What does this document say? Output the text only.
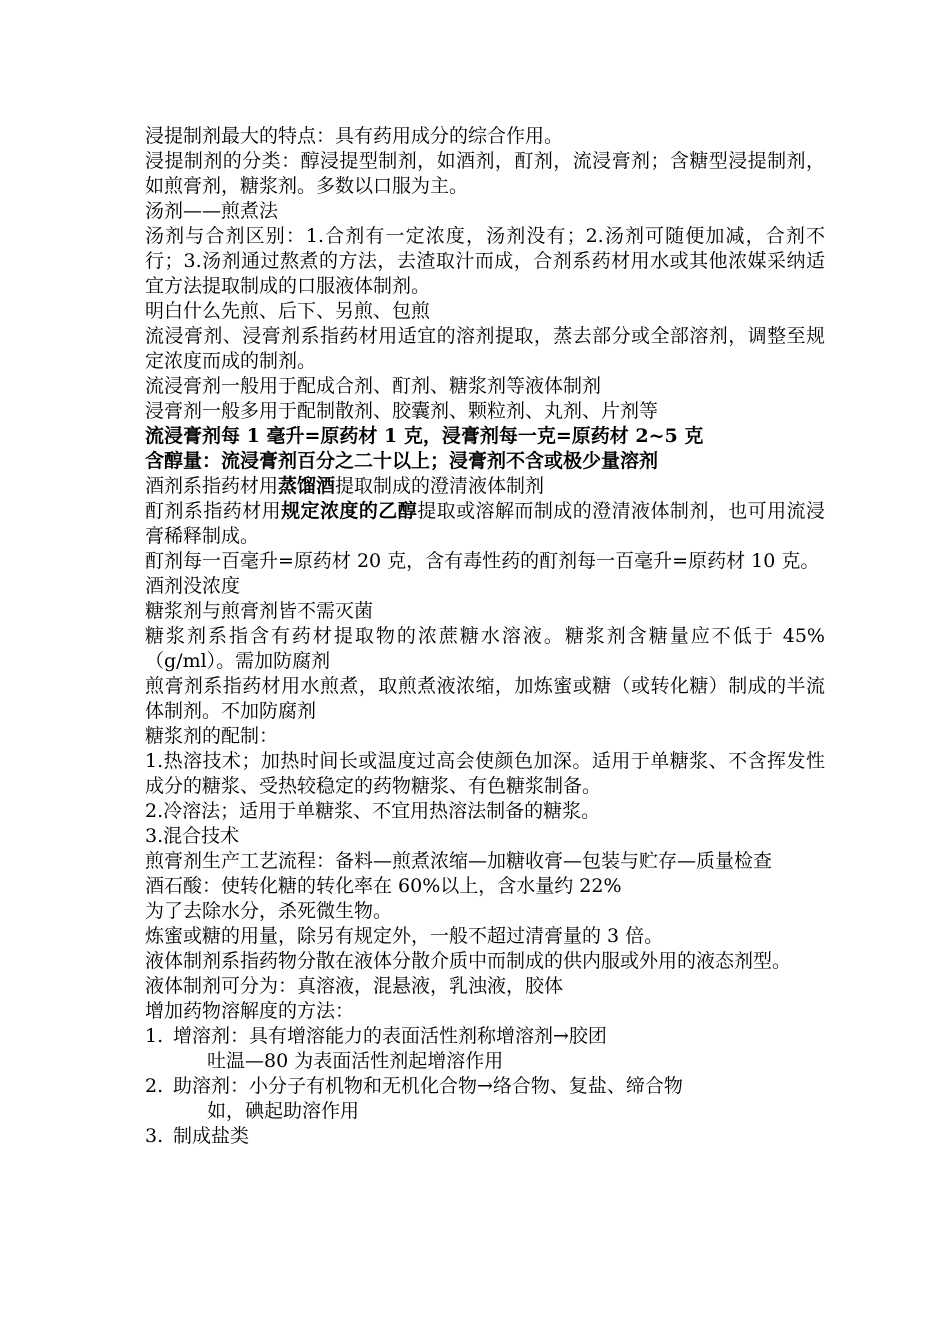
浸提制剂最大的特点：具有药用成分的综合作用。

浸提制剂的分类：醇浸提型制剂，如酒剂，酊剂，流浸膏剂；含糖型浸提制剂，如煎膏剂，糖浆剂。多数以口服为主。

汤剂——煎煮法

汤剂与合剂区别：1.合剂有一定浓度，汤剂没有；2.汤剂可随便加减，合剂不行；3.汤剂通过熬煮的方法，去渣取汁而成，合剂系药材用水或其他浓媒采纳适宜方法提取制成的口服液体制剂。

明白什么先煎、后下、另煎、包煎

流浸膏剂、浸膏剂系指药材用适宜的溶剂提取，蒸去部分或全部溶剂，调整至规定浓度而成的制剂。

流浸膏剂一般用于配成合剂、酊剂、糖浆剂等液体制剂

浸膏剂一般多用于配制散剂、胶囊剂、颗粒剂、丸剂、片剂等

流浸膏剂每 1 毫升=原药材 1 克，浸膏剂每一克=原药材 2~5 克

含醇量：流浸膏剂百分之二十以上；浸膏剂不含或极少量溶剂

酒剂系指药材用蒸馏酒提取制成的澄清液体制剂

酊剂系指药材用规定浓度的乙醇提取或溶解而制成的澄清液体制剂，也可用流浸膏稀释制成。

酊剂每一百毫升=原药材 20 克，含有毒性药的酊剂每一百毫升=原药材 10 克。

酒剂没浓度

糖浆剂与煎膏剂皆不需灭菌

糖浆剂系指含有药材提取物的浓蔗糖水溶液。糖浆剂含糖量应不低于 45%（g/ml）。需加防腐剂

煎膏剂系指药材用水煎煮，取煎煮液浓缩，加炼蜜或糖（或转化糖）制成的半流体制剂。不加防腐剂

糖浆剂的配制：

1.热溶技术；加热时间长或温度过高会使颜色加深。适用于单糖浆、不含挥发性成分的糖浆、受热较稳定的药物糖浆、有色糖浆制备。

2.冷溶法；适用于单糖浆、不宜用热溶法制备的糖浆。

3.混合技术

煎膏剂生产工艺流程：备料—煎煮浓缩—加糖收膏—包装与贮存—质量检查

酒石酸：使转化糖的转化率在 60%以上，含水量约 22%

为了去除水分，杀死微生物。

炼蜜或糖的用量，除另有规定外，一般不超过清膏量的 3 倍。

液体制剂系指药物分散在液体分散介质中而制成的供内服或外用的液态剂型。

液体制剂可分为：真溶液，混悬液，乳浊液，胶体

增加药物溶解度的方法：

1. 增溶剂：具有增溶能力的表面活性剂称增溶剂→胶团

吐温—80 为表面活性剂起增溶作用

2. 助溶剂：小分子有机物和无机化合物→络合物、复盐、缔合物

如，碘起助溶作用

3. 制成盐类
